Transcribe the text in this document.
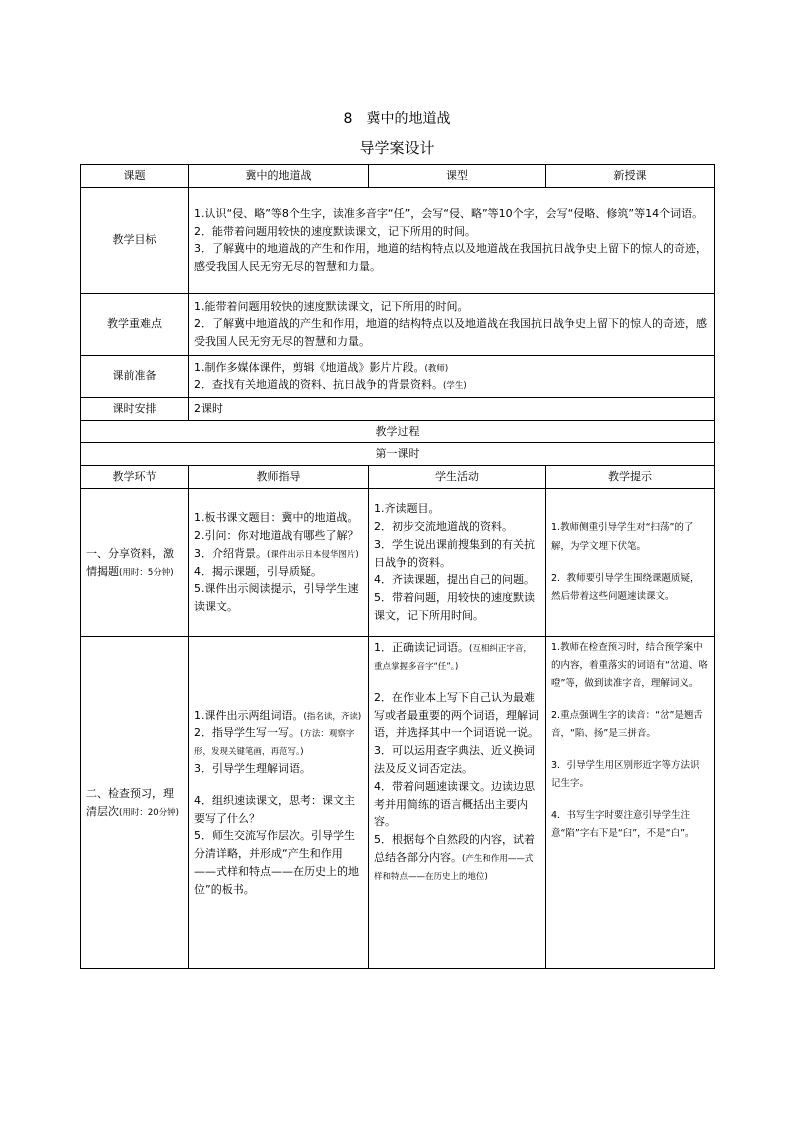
8　冀中的地道战
导学案设计
课题	冀中的地道战	课型	新授课
教学目标	1.认识“侵、略”等8个生字，读准多音字“任”，会写“侵、略”等10个字，会写“侵略、修筑”等14个词语。
2．能带着问题用较快的速度默读课文，记下所用的时间。
3．了解冀中的地道战的产生和作用，地道的结构特点以及地道战在我国抗日战争史上留下的惊人的奇迹，感受我国人民无穷无尽的智慧和力量。		

教学重难点	1.能带着问题用较快的速度默读课文，记下所用的时间。
2．了解冀中地道战的产生和作用，地道的结构特点以及地道战在我国抗日战争史上留下的惊人的奇迹，感受我国人民无穷无尽的智慧和力量。		

课前准备	1.制作多媒体课件，剪辑《地道战》影片片段。(教师)
2．查找有关地道战的资料、抗日战争的背景资料。(学生)		

课时安排	2课时		
教学过程			
第一课时			
教学环节	教师指导	学生活动	教学提示
一、分享资料，激情揭题(用时：5分钟)	1.板书课文题目：冀中的地道战。
2.引问：你对地道战有哪些了解？
3．介绍背景。(课件出示日本侵华图片)
4．揭示课题，引导质疑。
5.课件出示阅读提示，引导学生速读课文。	1.齐读题目。
2．初步交流地道战的资料。
3．学生说出课前搜集到的有关抗日战争的资料。
4．齐读课题，提出自己的问题。
5．带着问题，用较快的速度默读课文，记下所用时间。	1.教师侧重引导学生对“扫荡”的了解，为学文埋下伏笔。
2．教师要引导学生围绕课题质疑，然后带着这些问题速读课文。

二、检查预习，理清层次(用时：20分钟)	1.课件出示两组词语。(指名读，齐读)
2．指导学生写一写。(方法：观察字形，发现关键笔画，再范写。)
3．引导学生理解词语。
4．组织速读课文，思考：课文主要写了什么？
5．师生交流写作层次。引导学生分清详略，并形成“产生和作用——式样和特点——在历史上的地位”的板书。	1．正确读记词语。(互相纠正字音，重点掌握多音字“任”。)
2．在作业本上写下自己认为最难写或者最重要的两个词语，理解词语，并选择其中一个词语说一说。
3．可以运用查字典法、近义换词法及反义词否定法。
4．带着问题速读课文。边读边思考并用简练的语言概括出主要内容。
5．根据每个自然段的内容，试着总结各部分内容。(产生和作用——式样和特点——在历史上的地位)	1.教师在检查预习时，结合预学案中的内容，着重落实的词语有“岔道、咯噔”等，做到读准字音，理解词义。
2.重点强调生字的读音：“岔”是翘舌音，“陷、扬”是三拼音。
3．引导学生用区别形近字等方法识记生字。
4．书写生字时要注意引导学生注意“陷”字右下是“臼”，不是“白”。
